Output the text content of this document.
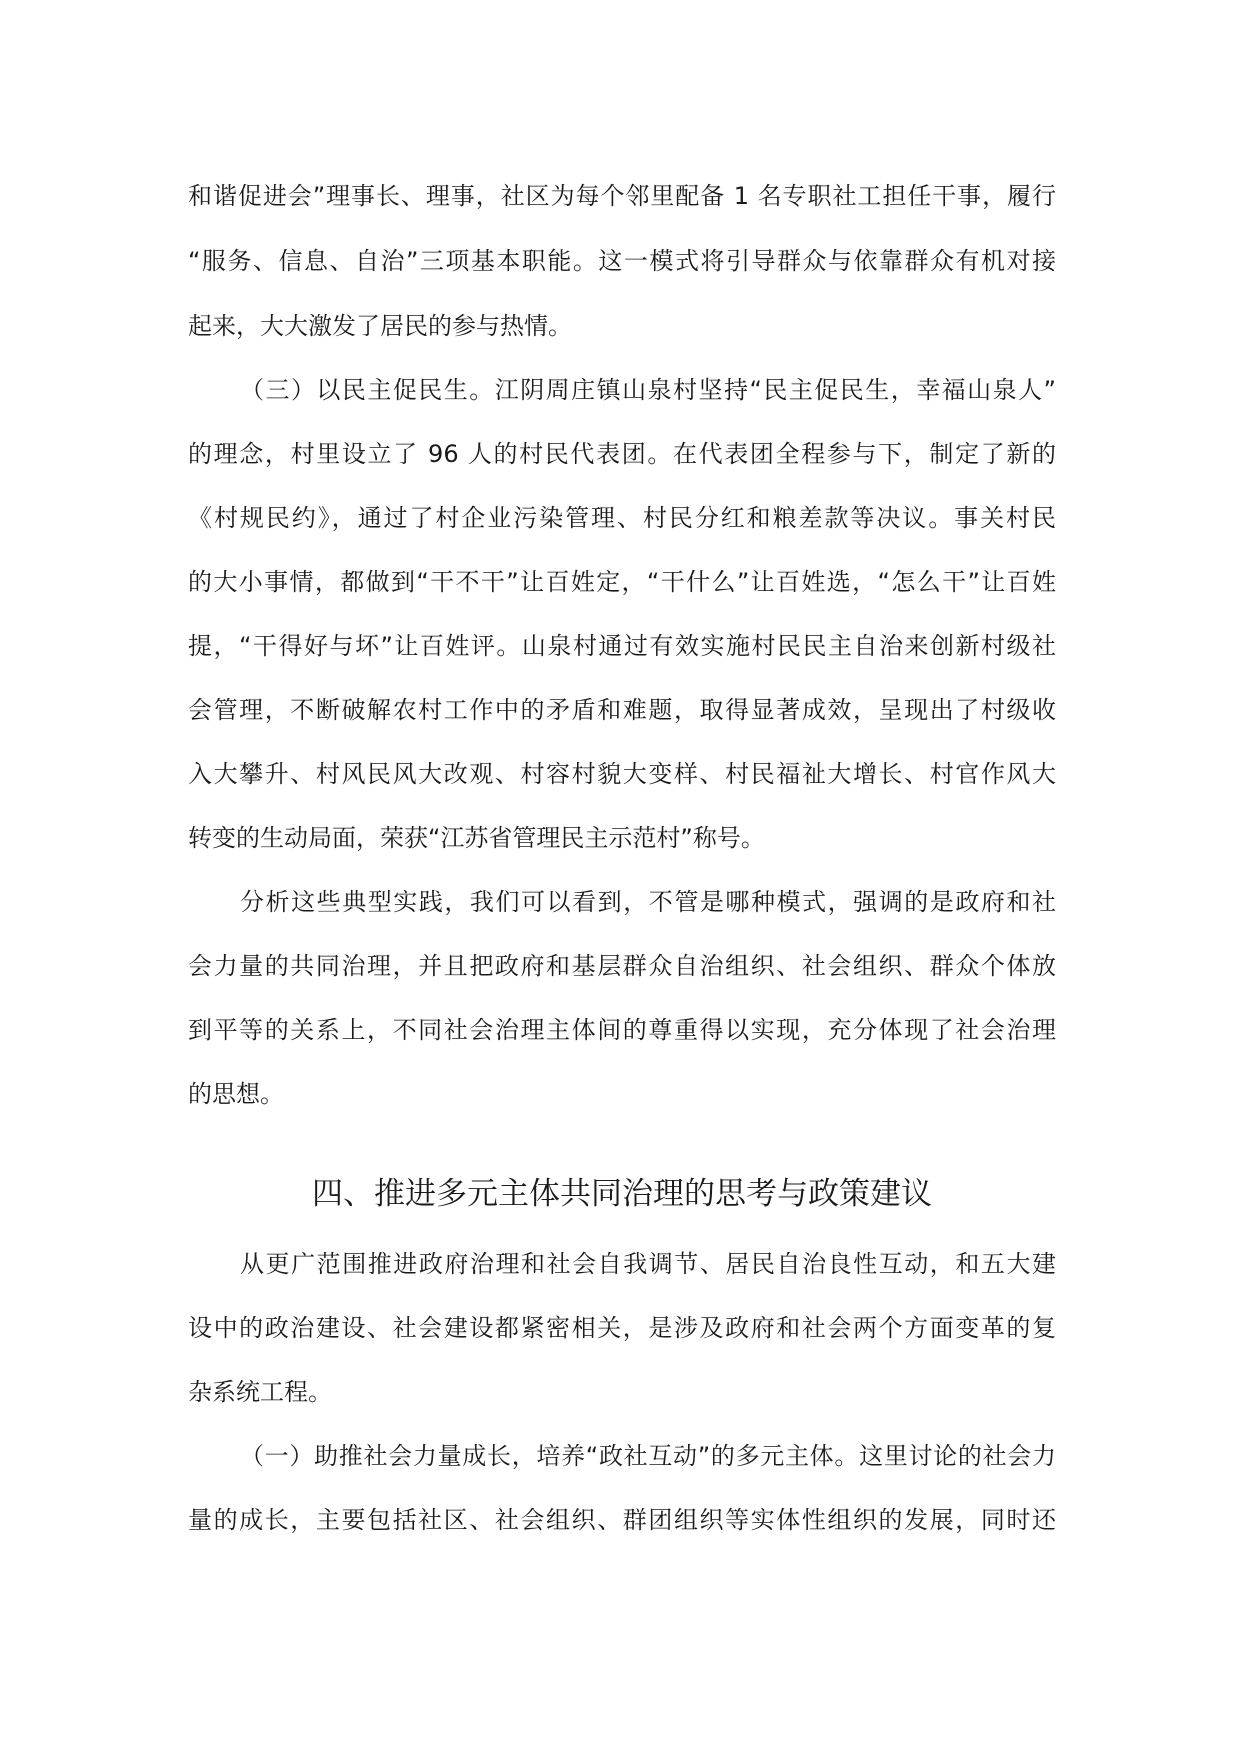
和谐促进会”理事长、理事，社区为每个邻里配备 1 名专职社工担任干事，履行
“服务、信息、自治”三项基本职能。这一模式将引导群众与依靠群众有机对接
起来，大大激发了居民的参与热情。
（三）以民主促民生。江阴周庄镇山泉村坚持“民主促民生，幸福山泉人”
的理念，村里设立了 96 人的村民代表团。在代表团全程参与下，制定了新的
《村规民约》，通过了村企业污染管理、村民分红和粮差款等决议。事关村民
的大小事情，都做到“干不干”让百姓定，“干什么”让百姓选，“怎么干”让百姓
提，“干得好与坏”让百姓评。山泉村通过有效实施村民民主自治来创新村级社
会管理，不断破解农村工作中的矛盾和难题，取得显著成效，呈现出了村级收
入大攀升、村风民风大改观、村容村貌大变样、村民福祉大增长、村官作风大
转变的生动局面，荣获“江苏省管理民主示范村”称号。
分析这些典型实践，我们可以看到，不管是哪种模式，强调的是政府和社
会力量的共同治理，并且把政府和基层群众自治组织、社会组织、群众个体放
到平等的关系上，不同社会治理主体间的尊重得以实现，充分体现了社会治理
的思想。
四、推进多元主体共同治理的思考与政策建议
从更广范围推进政府治理和社会自我调节、居民自治良性互动，和五大建
设中的政治建设、社会建设都紧密相关，是涉及政府和社会两个方面变革的复
杂系统工程。
（一）助推社会力量成长，培养“政社互动”的多元主体。这里讨论的社会力
量的成长，主要包括社区、社会组织、群团组织等实体性组织的发展，同时还
